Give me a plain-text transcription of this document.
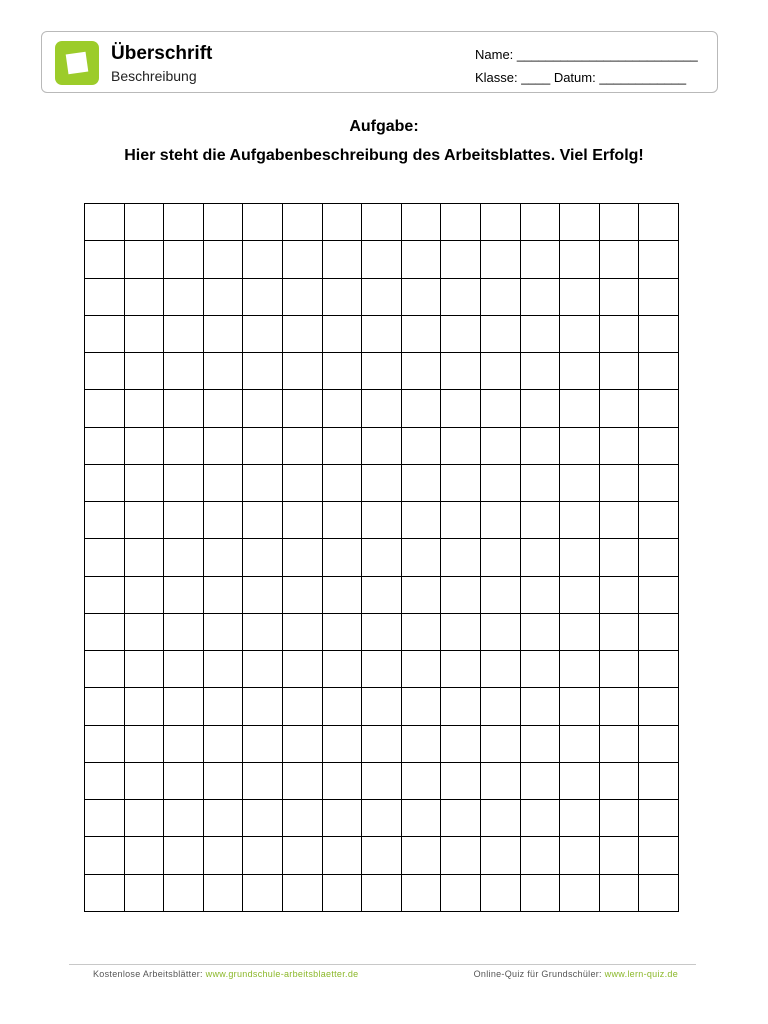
Überschrift
Beschreibung
Name: _________________________
Klasse: ____ Datum: ____________
Aufgabe:
Hier steht die Aufgabenbeschreibung des Arbeitsblattes. Viel Erfolg!
Kostenlose Arbeitsblätter: www.grundschule-arbeitsblaetter.de	Online-Quiz für Grundschüler: www.lern-quiz.de
